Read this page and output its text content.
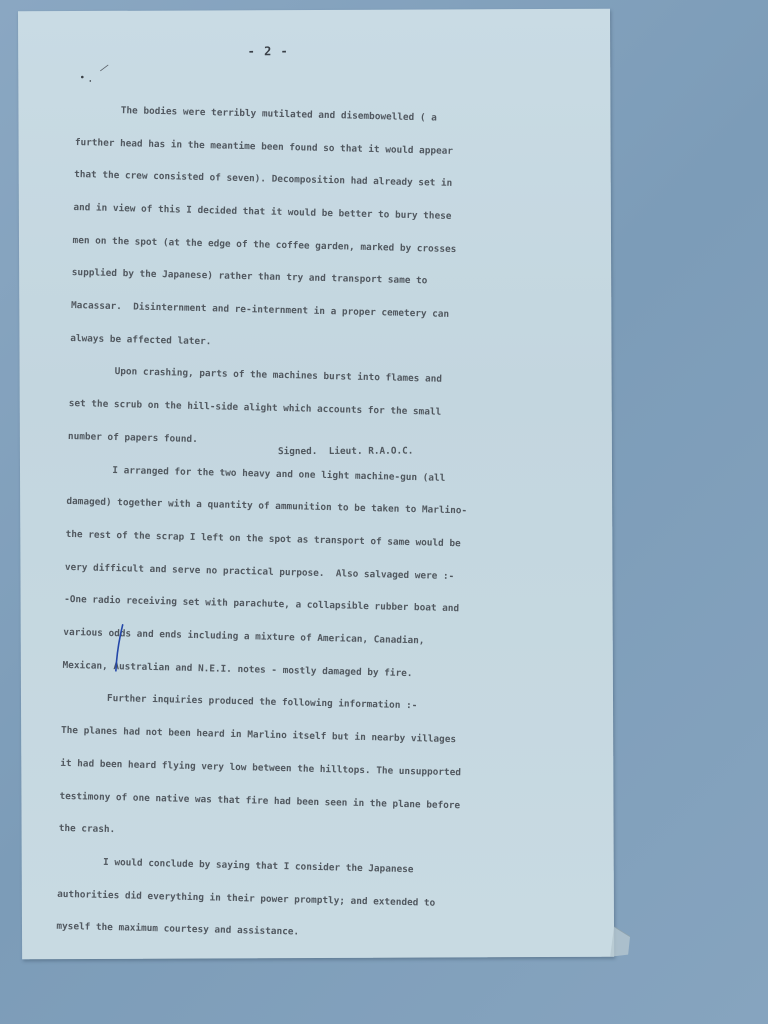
- 2 -

The bodies were terribly mutilated and disembowelled ( a

further head has in the meantime been found so that it would appear

that the crew consisted of seven). Decomposition had already set in

and in view of this I decided that it would be better to bury these

men on the spot (at the edge of the coffee garden, marked by crosses

supplied by the Japanese) rather than try and transport same to

Macassar.  Disinternment and re-internment in a proper cemetery can

always be affected later.

Upon crashing, parts of the machines burst into flames and

set the scrub on the hill-side alight which accounts for the small

number of papers found.

I arranged for the two heavy and one light machine-gun (all

damaged) together with a quantity of ammunition to be taken to Marlino-

the rest of the scrap I left on the spot as transport of same would be

very difficult and serve no practical purpose.  Also salvaged were :-

-One radio receiving set with parachute, a collapsible rubber boat and

various odds and ends including a mixture of American, Canadian,

Mexican, Australian and N.E.I. notes - mostly damaged by fire.

Further inquiries produced the following information :-

The planes had not been heard in Marlino itself but in nearby villages

it had been heard flying very low between the hilltops. The unsupported

testimony of one native was that fire had been seen in the plane before

the crash.

I would conclude by saying that I consider the Japanese

authorities did everything in their power promptly; and extended to

myself the maximum courtesy and assistance.

Signed.  Lieut. R.A.O.C.
